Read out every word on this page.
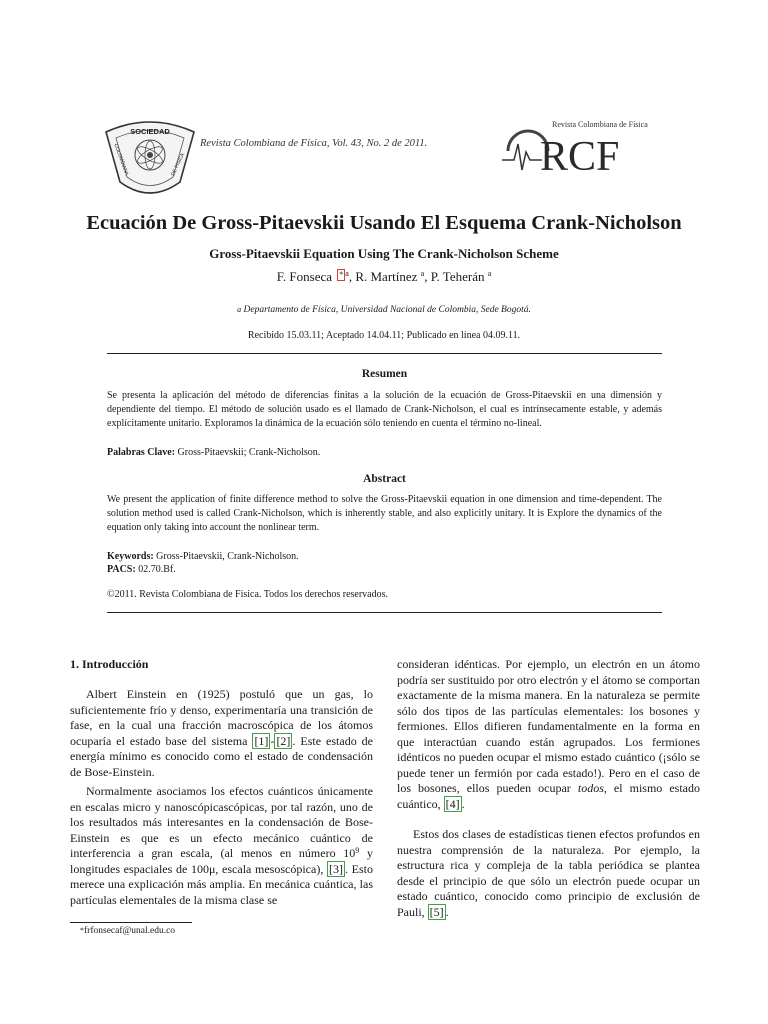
SOCIEDAD
COLOMBIANA	DE FISICA
Revista Colombiana de Física, Vol. 43, No. 2 de 2011.
Revista Colombiana de Física
RCF
Ecuación De Gross-Pitaevskii Usando El Esquema Crank-Nicholson
Gross-Pitaevskii Equation Using The Crank-Nicholson Scheme
F. Fonseca * $^a$, R. Martínez $^a$, P. Teherán $^a$
$^a$ Departamento de Física, Universidad Nacional de Colombia, Sede Bogotá.
Recibido 15.03.11; Aceptado 14.04.11; Publicado en línea 04.09.11.
Resumen
Se presenta la aplicación del método de diferencias finitas a la solución de la ecuación de Gross-Pitaevskii en una dimensión y dependiente del tiempo. El método de solución usado es el llamado de Crank-Nicholson, el cual es intrínsecamente estable, y además explícitamente unitario. Exploramos la dinámica de la ecuación sólo teniendo en cuenta el término no-lineal.
Palabras Clave: Gross-Pitaevskii; Crank-Nicholson.
Abstract
We present the application of finite difference method to solve the Gross-Pitaevskii equation in one dimension and time-dependent. The solution method used is called Crank-Nicholson, which is inherently stable, and also explicitly unitary. It is Explore the dynamics of the equation only taking into account the nonlinear term.
Keywords: Gross-Pitaevskii, Crank-Nicholson.
PACS: 02.70.Bf.
©2011. Revista Colombiana de Física. Todos los derechos reservados.
1. Introducción
Albert Einstein en (1925) postuló que un gas, lo suficientemente frío y denso, experimentaría una transición de fase, en la cual una fracción macroscópica de los átomos ocuparía el estado base del sistema [1] - [2] . Este estado de energía mínimo es conocido como el estado de condensación de Bose-Einstein.
Normalmente asociamos los efectos cuánticos únicamente en escalas micro y nanoscópicascópicas, por tal razón, uno de los resultados más interesantes en la condensación de Bose-Einstein es que es un efecto mecánico cuántico de interferencia a gran escala, (al menos en número $10^9$ y longitudes espaciales de 100μ, escala mesoscópica), [3] . Esto merece una explicación más amplia. En mecánica cuántica, las partículas elementales de la misma clase se
*frfonsecaf@unal.edu.co
consideran idénticas. Por ejemplo, un electrón en un átomo podría ser sustituido por otro electrón y el átomo se comportan exactamente de la misma manera. En la naturaleza se permite sólo dos tipos de las partículas elementales: los bosones y fermiones. Ellos difieren fundamentalmente en la forma en que interactúan cuando están agrupados. Los fermiones idénticos no pueden ocupar el mismo estado cuántico (¡sólo se puede tener un fermión por cada estado!). Pero en el caso de los bosones, ellos pueden ocupar todos, el mismo estado cuántico, [4] .
Estos dos clases de estadísticas tienen efectos profundos en nuestra comprensión de la naturaleza. Por ejemplo, la estructura rica y compleja de la tabla periódica se plantea desde el principio de que sólo un electrón puede ocupar un estado cuántico, conocido como principio de exclusión de Pauli, [5] .
